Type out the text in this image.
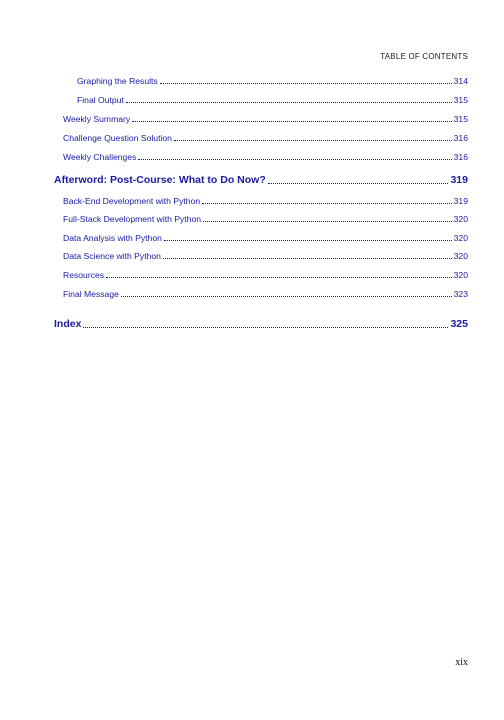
TABLE OF CONTENTS
Graphing the Results	314
Final Output	315
Weekly Summary	315
Challenge Question Solution	316
Weekly Challenges	316
Afterword: Post-Course: What to Do Now?	319
Back-End Development with Python	319
Full-Stack Development with Python	320
Data Analysis with Python	320
Data Science with Python	320
Resources	320
Final Message	323
Index	325
xix
